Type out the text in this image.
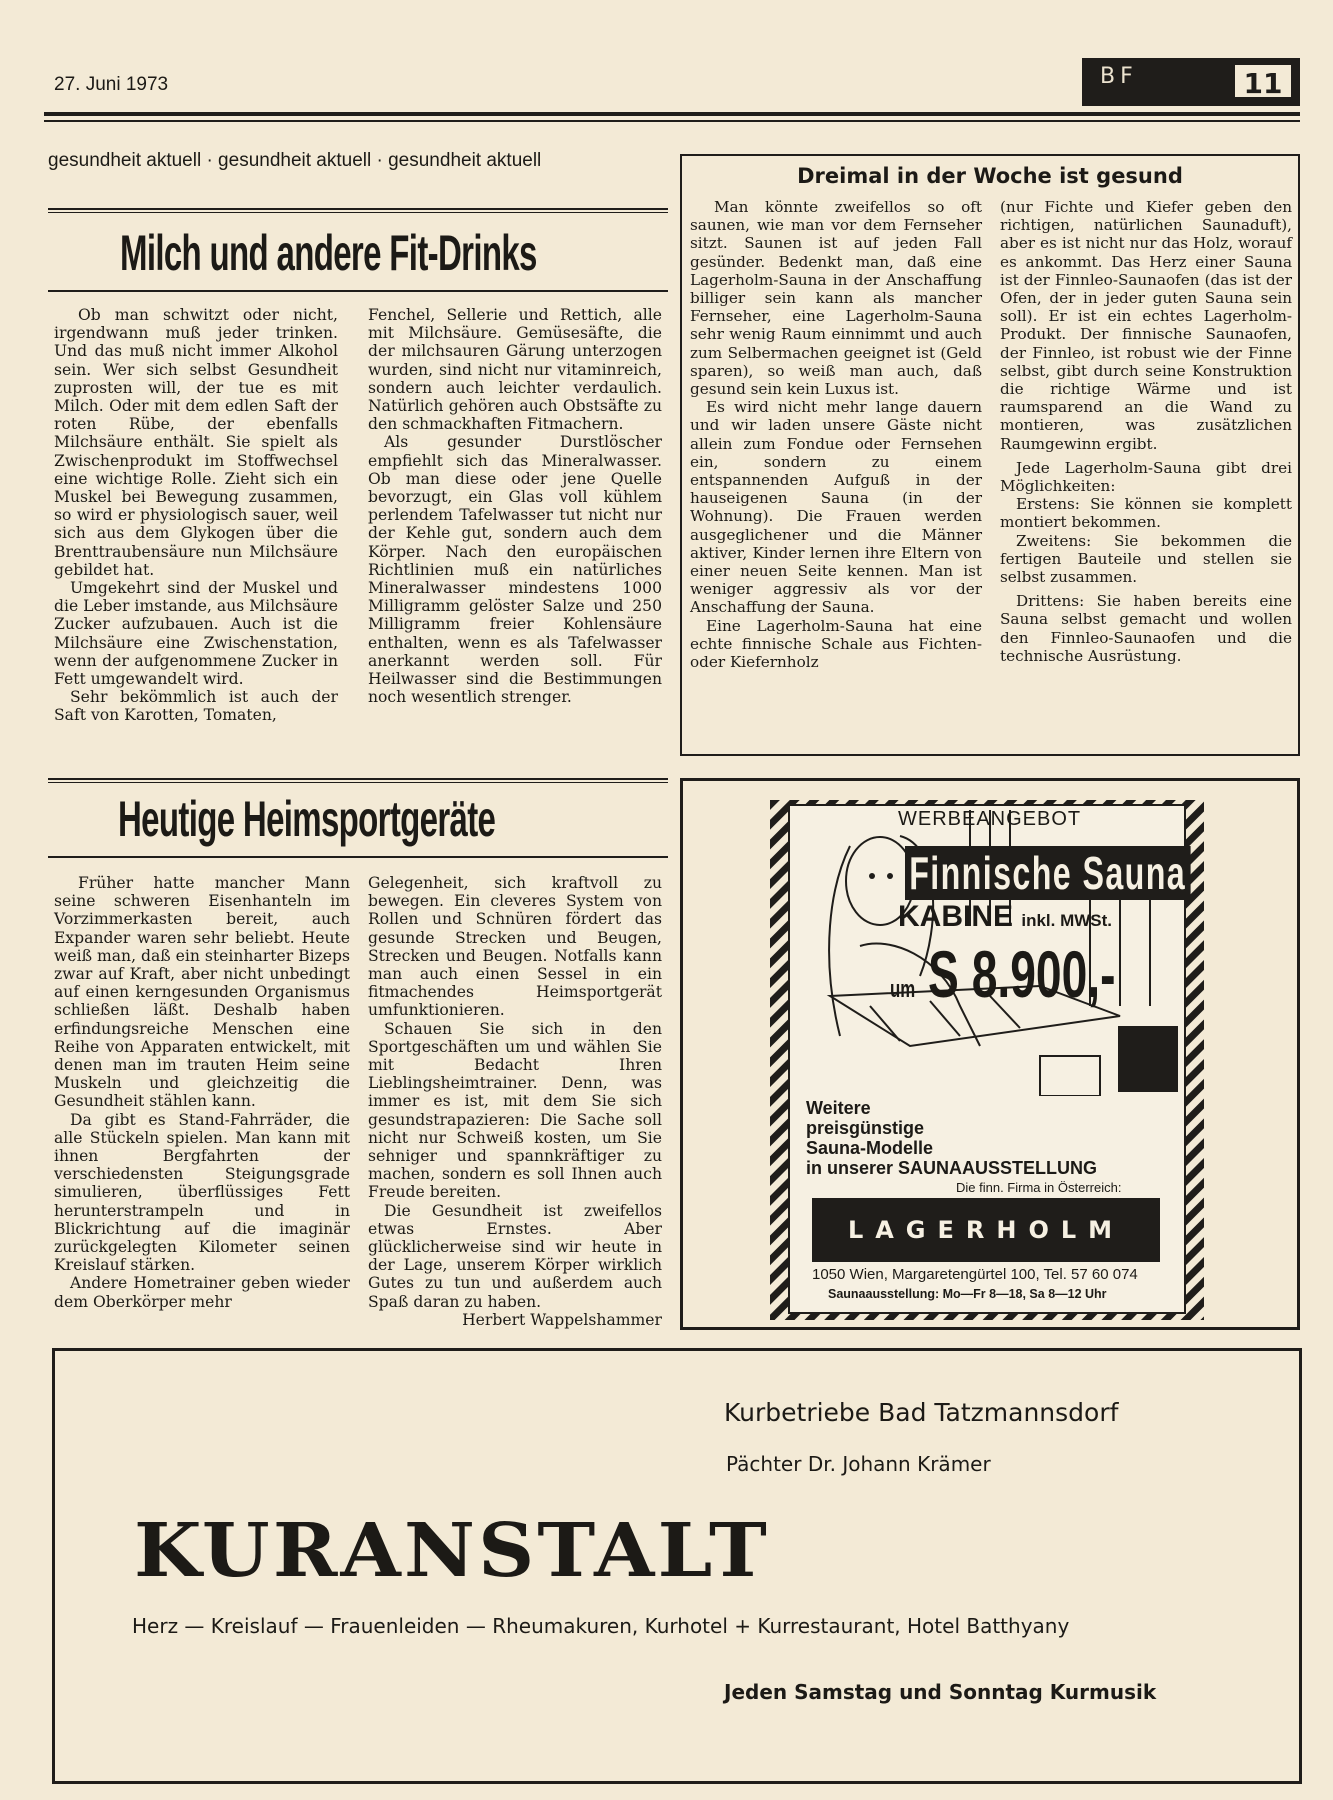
27. Juni 1973	BF	11
gesundheit aktuell · gesundheit aktuell · gesundheit aktuell
Milch und andere Fit-Drinks

Ob man schwitzt oder nicht, irgendwann muß jeder trinken. Und das muß nicht immer Alkohol sein. Wer sich selbst Gesundheit zuprosten will, der tue es mit Milch. Oder mit dem edlen Saft der roten Rübe, der ebenfalls Milchsäure enthält. Sie spielt als Zwischenprodukt im Stoffwechsel eine wichtige Rolle. Zieht sich ein Muskel bei Bewegung zusammen, so wird er physiologisch sauer, weil sich aus dem Glykogen über die Brenttraubensäure nun Milchsäure gebildet hat.

Umgekehrt sind der Muskel und die Leber imstande, aus Milchsäure Zucker aufzubauen. Auch ist die Milchsäure eine Zwischenstation, wenn der aufgenommene Zucker in Fett umgewandelt wird.

Sehr bekömmlich ist auch der Saft von Karotten, Tomaten,

Fenchel, Sellerie und Rettich, alle mit Milchsäure. Gemüsesäfte, die der milchsauren Gärung unterzogen wurden, sind nicht nur vitaminreich, sondern auch leichter verdaulich. Natürlich gehören auch Obstsäfte zu den schmackhaften Fitmachern.

Als gesunder Durstlöscher empfiehlt sich das Mineralwasser. Ob man diese oder jene Quelle bevorzugt, ein Glas voll kühlem perlendem Tafelwasser tut nicht nur der Kehle gut, sondern auch dem Körper. Nach den europäischen Richtlinien muß ein natürliches Mineralwasser mindestens 1000 Milligramm gelöster Salze und 250 Milligramm freier Kohlensäure enthalten, wenn es als Tafelwasser anerkannt werden soll. Für Heilwasser sind die Bestimmungen noch wesentlich strenger.

Dreimal in der Woche ist gesund

Man könnte zweifellos so oft saunen, wie man vor dem Fernseher sitzt. Saunen ist auf jeden Fall gesünder. Bedenkt man, daß eine Lagerholm-Sauna in der Anschaffung billiger sein kann als mancher Fernseher, eine Lagerholm-Sauna sehr wenig Raum einnimmt und auch zum Selbermachen geeignet ist (Geld sparen), so weiß man auch, daß gesund sein kein Luxus ist.

Es wird nicht mehr lange dauern und wir laden unsere Gäste nicht allein zum Fondue oder Fernsehen ein, sondern zu einem entspannenden Aufguß in der hauseigenen Sauna (in der Wohnung). Die Frauen werden ausgeglichener und die Männer aktiver, Kinder lernen ihre Eltern von einer neuen Seite kennen. Man ist weniger aggressiv als vor der Anschaffung der Sauna.

Eine Lagerholm-Sauna hat eine echte finnische Schale aus Fichten- oder Kiefernholz

(nur Fichte und Kiefer geben den richtigen, natürlichen Saunaduft), aber es ist nicht nur das Holz, worauf es ankommt. Das Herz einer Sauna ist der Finnleo-Saunaofen (das ist der Ofen, der in jeder guten Sauna sein soll). Er ist ein echtes Lagerholm-Produkt. Der finnische Saunaofen, der Finnleo, ist robust wie der Finne selbst, gibt durch seine Konstruktion die richtige Wärme und ist raumsparend an die Wand zu montieren, was zusätzlichen Raumgewinn ergibt.

Jede Lagerholm-Sauna gibt drei Möglichkeiten:

Erstens: Sie können sie komplett montiert bekommen.

Zweitens: Sie bekommen die fertigen Bauteile und stellen sie selbst zusammen.

Drittens: Sie haben bereits eine Sauna selbst gemacht und wollen den Finnleo-Saunaofen und die technische Ausrüstung.

Heutige Heimsportgeräte

Früher hatte mancher Mann seine schweren Eisenhanteln im Vorzimmerkasten bereit, auch Expander waren sehr beliebt. Heute weiß man, daß ein steinharter Bizeps zwar auf Kraft, aber nicht unbedingt auf einen kerngesunden Organismus schließen läßt. Deshalb haben erfindungsreiche Menschen eine Reihe von Apparaten entwickelt, mit denen man im trauten Heim seine Muskeln und gleichzeitig die Gesundheit stählen kann.

Da gibt es Stand-Fahrräder, die alle Stückeln spielen. Man kann mit ihnen Bergfahrten der verschiedensten Steigungsgrade simulieren, überflüssiges Fett herunterstrampeln und in Blickrichtung auf die imaginär zurückgelegten Kilometer seinen Kreislauf stärken.

Andere Hometrainer geben wieder dem Oberkörper mehr

Gelegenheit, sich kraftvoll zu bewegen. Ein cleveres System von Rollen und Schnüren fördert das gesunde Strecken und Beugen, Strecken und Beugen. Notfalls kann man auch einen Sessel in ein fitmachendes Heimsportgerät umfunktionieren.

Schauen Sie sich in den Sportgeschäften um und wählen Sie mit Bedacht Ihren Lieblingsheimtrainer. Denn, was immer es ist, mit dem Sie sich gesundstrapazieren: Die Sache soll nicht nur Schweiß kosten, um Sie sehniger und spannkräftiger zu machen, sondern es soll Ihnen auch Freude bereiten.

Die Gesundheit ist zweifellos etwas Ernstes. Aber glücklicherweise sind wir heute in der Lage, unserem Körper wirklich Gutes zu tun und außerdem auch Spaß daran zu haben.

Herbert Wappelshammer

WERBEANGEBOT
Finnische Sauna
KABINE inkl. MWSt.
um S 8.900,-
Weitere
preisgünstige
Sauna-Modelle
in unserer SAUNAAUSSTELLUNG
Die finn. Firma in Österreich:
LAGERHOLM
1050 Wien, Margaretengürtel 100, Tel. 57 60 074
Saunaausstellung: Mo—Fr 8—18, Sa 8—12 Uhr
Kurbetriebe Bad Tatzmannsdorf
Pächter Dr. Johann Krämer
KURANSTALT
Herz — Kreislauf — Frauenleiden — Rheumakuren, Kurhotel + Kurrestaurant, Hotel Batthyany
Jeden Samstag und Sonntag Kurmusik
